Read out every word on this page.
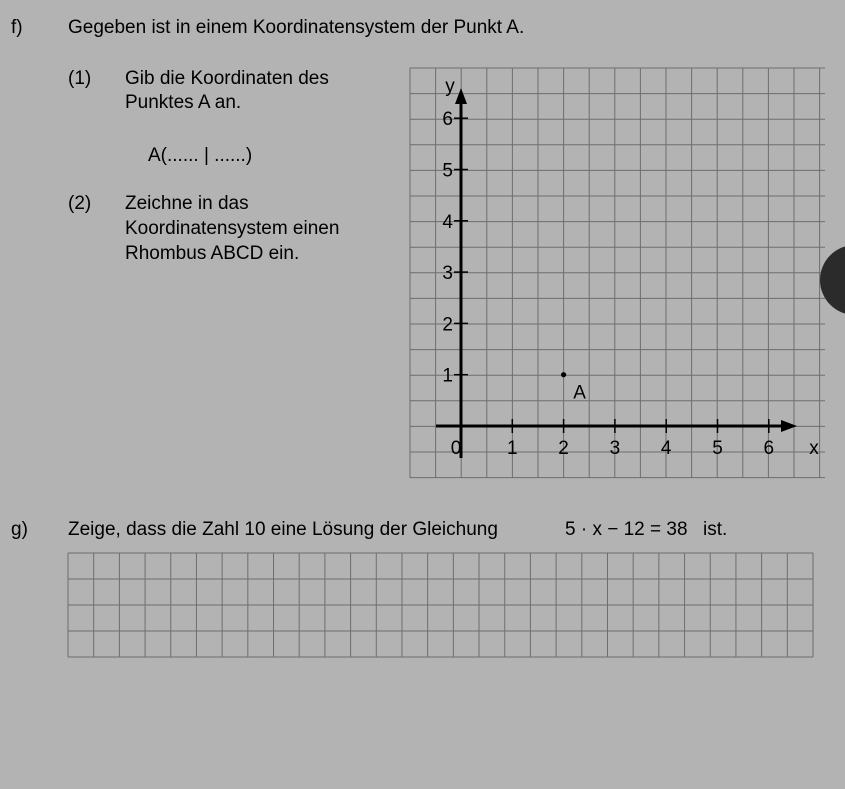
f) Gegeben ist in einem Koordinatensystem der Punkt A.
(1) Gib die Koordinaten des
Punktes A an.
A(...... | ......)
(2) Zeichne in das
Koordinatensystem einen
Rhombus ABCD ein.
1 2 3 4 5 6
1
2
3
4
5
6
0	x
y
A
g) Zeige, dass die Zahl 10 eine Lösung der Gleichung	5 · x − 12 = 38 ist.
